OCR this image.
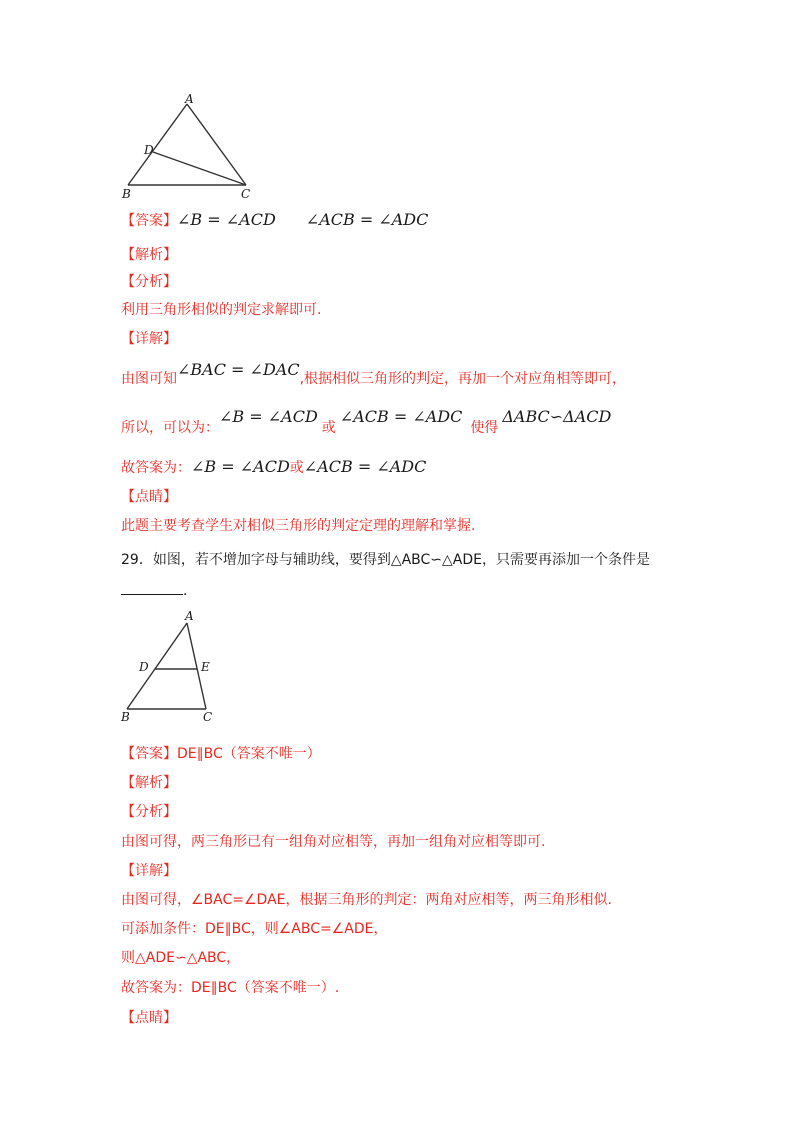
A
D
B	C
【答案】∠B = ∠ACD ∠ACB = ∠ADC
【解析】
【分析】
利用三角形相似的判定求解即可.
【详解】
由图可知∠BAC = ∠DAC,根据相似三角形的判定，再加一个对应角相等即可，
所以，可以为：∠B = ∠ACD或∠ACB = ∠ADC使得ΔABC∽ΔACD
故答案为：∠B = ∠ACD或∠ACB = ∠ADC
【点睛】
此题主要考查学生对相似三角形的判定定理的理解和掌握.
29．如图，若不增加字母与辅助线，要得到△ABC∽△ADE，只需要再添加一个条件是
.
A
D	E
B	C
【答案】DE∥BC（答案不唯一）
【解析】
【分析】
由图可得，两三角形已有一组角对应相等，再加一组角对应相等即可.
【详解】
由图可得，∠BAC=∠DAE，根据三角形的判定：两角对应相等，两三角形相似.
可添加条件：DE∥BC，则∠ABC=∠ADE，
则△ADE∽△ABC，
故答案为：DE∥BC（答案不唯一）.
【点睛】
